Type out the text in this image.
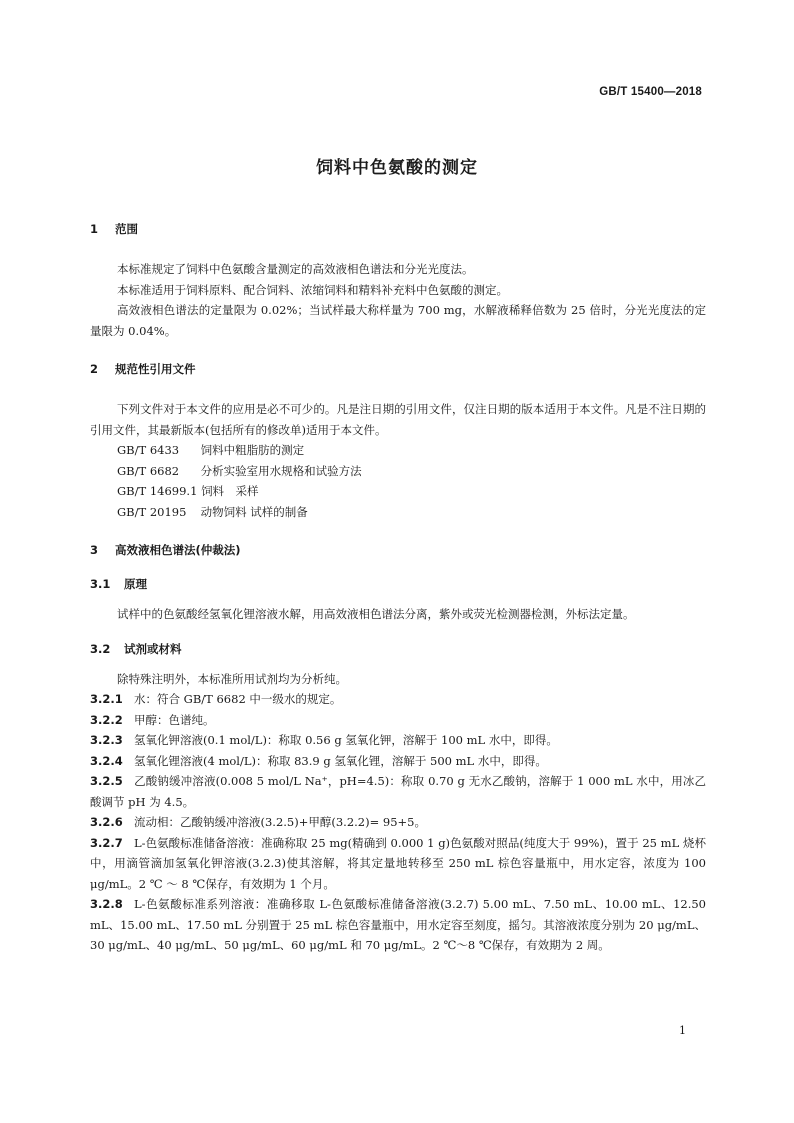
GB/T 15400—2018
饲料中色氨酸的测定
1 范围
本标准规定了饲料中色氨酸含量测定的高效液相色谱法和分光光度法。
本标准适用于饲料原料、配合饲料、浓缩饲料和精料补充料中色氨酸的测定。
高效液相色谱法的定量限为 0.02%；当试样最大称样量为 700 mg，水解液稀释倍数为 25 倍时，分光光度法的定量限为 0.04%。
2 规范性引用文件
下列文件对于本文件的应用是必不可少的。凡是注日期的引用文件，仅注日期的版本适用于本文件。凡是不注日期的引用文件，其最新版本(包括所有的修改单)适用于本文件。
GB/T 6433 饲料中粗脂肪的测定
GB/T 6682 分析实验室用水规格和试验方法
GB/T 14699.1 饲料　采样
GB/T 20195 动物饲料 试样的制备
3 高效液相色谱法(仲裁法)
3.1 原理
试样中的色氨酸经氢氧化锂溶液水解，用高效液相色谱法分离，紫外或荧光检测器检测，外标法定量。
3.2 试剂或材料
除特殊注明外，本标准所用试剂均为分析纯。
3.2.1 水：符合 GB/T 6682 中一级水的规定。
3.2.2 甲醇：色谱纯。
3.2.3 氢氧化钾溶液(0.1 mol/L)：称取 0.56 g 氢氧化钾，溶解于 100 mL 水中，即得。
3.2.4 氢氧化锂溶液(4 mol/L)：称取 83.9 g 氢氧化锂，溶解于 500 mL 水中，即得。
3.2.5 乙酸钠缓冲溶液(0.008 5 mol/L Na⁺，pH=4.5)：称取 0.70 g 无水乙酸钠，溶解于 1 000 mL 水中，用冰乙酸调节 pH 为 4.5。
3.2.6 流动相：乙酸钠缓冲溶液(3.2.5)+甲醇(3.2.2)= 95+5。
3.2.7 L-色氨酸标准储备溶液：准确称取 25 mg(精确到 0.000 1 g)色氨酸对照品(纯度大于 99%)，置于 25 mL 烧杯中，用滴管滴加氢氧化钾溶液(3.2.3)使其溶解，将其定量地转移至 250 mL 棕色容量瓶中，用水定容，浓度为 100 μg/mL。2 ℃ ～ 8 ℃保存，有效期为 1 个月。
3.2.8 L-色氨酸标准系列溶液：准确移取 L-色氨酸标准储备溶液(3.2.7) 5.00 mL、7.50 mL、10.00 mL、12.50 mL、15.00 mL、17.50 mL 分别置于 25 mL 棕色容量瓶中，用水定容至刻度，摇匀。其溶液浓度分别为 20 μg/mL、30 μg/mL、40 μg/mL、50 μg/mL、60 μg/mL 和 70 μg/mL。2 ℃～8 ℃保存，有效期为 2 周。
1
